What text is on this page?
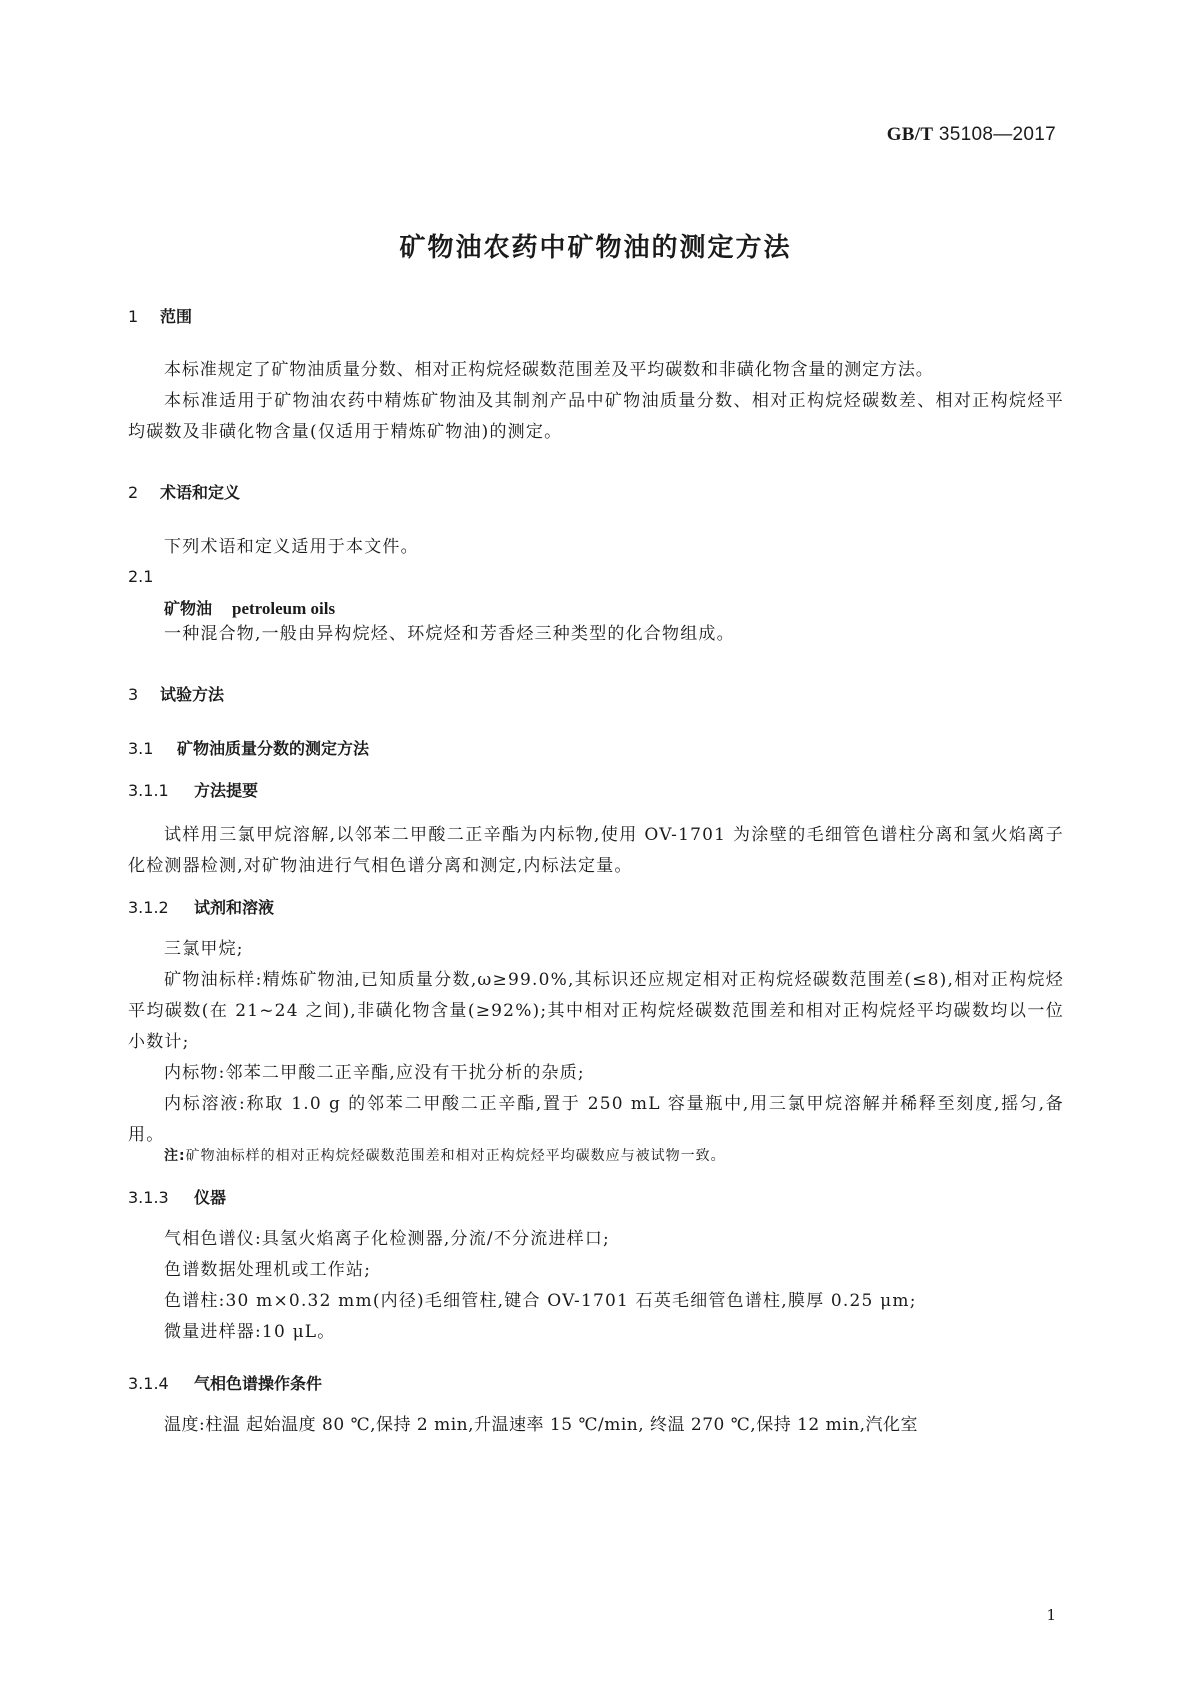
GB/T 35108—2017
矿物油农药中矿物油的测定方法
1 范围
本标准规定了矿物油质量分数、相对正构烷烃碳数范围差及平均碳数和非磺化物含量的测定方法。
本标准适用于矿物油农药中精炼矿物油及其制剂产品中矿物油质量分数、相对正构烷烃碳数差、相对正构烷烃平均碳数及非磺化物含量(仅适用于精炼矿物油)的测定。
2 术语和定义
下列术语和定义适用于本文件。
2.1
矿物油 petroleum oils
一种混合物,一般由异构烷烃、环烷烃和芳香烃三种类型的化合物组成。
3 试验方法
3.1 矿物油质量分数的测定方法
3.1.1 方法提要
试样用三氯甲烷溶解,以邻苯二甲酸二正辛酯为内标物,使用 OV-1701 为涂壁的毛细管色谱柱分离和氢火焰离子化检测器检测,对矿物油进行气相色谱分离和测定,内标法定量。
3.1.2 试剂和溶液
三氯甲烷;
矿物油标样:精炼矿物油,已知质量分数,ω≥99.0%,其标识还应规定相对正构烷烃碳数范围差(≤8),相对正构烷烃平均碳数(在 21~24 之间),非磺化物含量(≥92%);其中相对正构烷烃碳数范围差和相对正构烷烃平均碳数均以一位小数计;
内标物:邻苯二甲酸二正辛酯,应没有干扰分析的杂质;
内标溶液:称取 1.0 g 的邻苯二甲酸二正辛酯,置于 250 mL 容量瓶中,用三氯甲烷溶解并稀释至刻度,摇匀,备用。
注:矿物油标样的相对正构烷烃碳数范围差和相对正构烷烃平均碳数应与被试物一致。
3.1.3 仪器
气相色谱仪:具氢火焰离子化检测器,分流/不分流进样口;
色谱数据处理机或工作站;
色谱柱:30 m×0.32 mm(内径)毛细管柱,键合 OV-1701 石英毛细管色谱柱,膜厚 0.25 μm;
微量进样器:10 μL。
3.1.4 气相色谱操作条件
温度:柱温 起始温度 80 ℃,保持 2 min,升温速率 15 ℃/min, 终温 270 ℃,保持 12 min,汽化室
1
